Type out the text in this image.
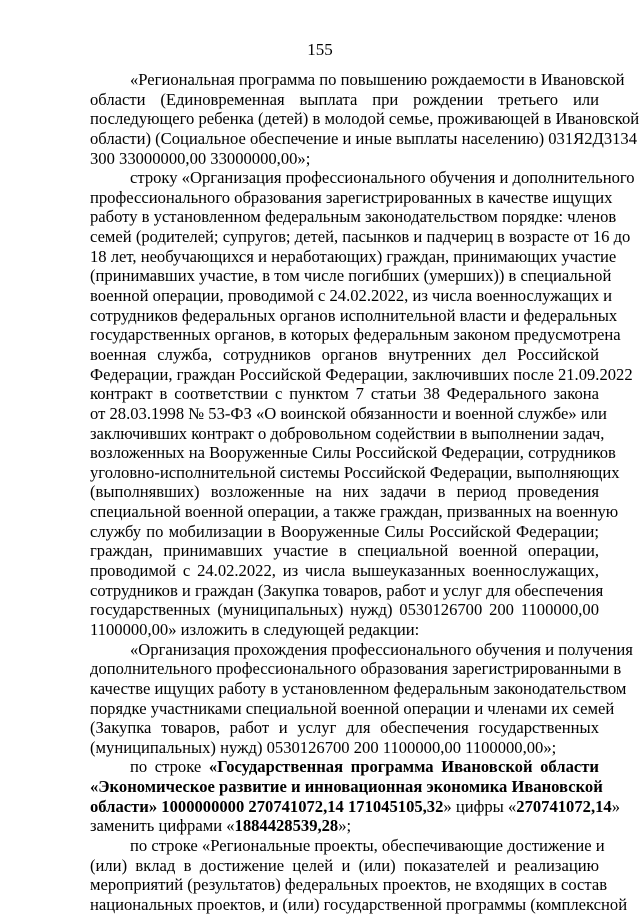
155
«Региональная программа по повышению рождаемости в Ивановской
области (Единовременная выплата при рождении третьего или
последующего ребенка (детей) в молодой семье, проживающей в Ивановской
области) (Социальное обеспечение и иные выплаты населению) 031Я2Д3134
300 33000000,00 33000000,00»;
строку «Организация профессионального обучения и дополнительного
профессионального образования зарегистрированных в качестве ищущих
работу в установленном федеральным законодательством порядке: членов
семей (родителей; супругов; детей, пасынков и падчериц в возрасте от 16 до
18 лет, необучающихся и неработающих) граждан, принимающих участие
(принимавших участие, в том числе погибших (умерших)) в специальной
военной операции, проводимой с 24.02.2022, из числа военнослужащих и
сотрудников федеральных органов исполнительной власти и федеральных
государственных органов, в которых федеральным законом предусмотрена
военная служба, сотрудников органов внутренних дел Российской
Федерации, граждан Российской Федерации, заключивших после 21.09.2022
контракт в соответствии с пунктом 7 статьи 38 Федерального закона
от 28.03.1998 № 53-ФЗ «О воинской обязанности и военной службе» или
заключивших контракт о добровольном содействии в выполнении задач,
возложенных на Вооруженные Силы Российской Федерации, сотрудников
уголовно-исполнительной системы Российской Федерации, выполняющих
(выполнявших) возложенные на них задачи в период проведения
специальной военной операции, а также граждан, призванных на военную
службу по мобилизации в Вооруженные Силы Российской Федерации;
граждан, принимавших участие в специальной военной операции,
проводимой с 24.02.2022, из числа вышеуказанных военнослужащих,
сотрудников и граждан (Закупка товаров, работ и услуг для обеспечения
государственных (муниципальных) нужд) 0530126700 200 1100000,00
1100000,00» изложить в следующей редакции:
«Организация прохождения профессионального обучения и получения
дополнительного профессионального образования зарегистрированными в
качестве ищущих работу в установленном федеральным законодательством
порядке участниками специальной военной операции и членами их семей
(Закупка товаров, работ и услуг для обеспечения государственных
(муниципальных) нужд) 0530126700 200 1100000,00 1100000,00»;
по строке «Государственная программа Ивановской области
«Экономическое развитие и инновационная экономика Ивановской
области» 1000000000 270741072,14 171045105,32» цифры «270741072,14»
заменить цифрами «1884428539,28»;
по строке «Региональные проекты, обеспечивающие достижение и
(или) вклад в достижение целей и (или) показателей и реализацию
мероприятий (результатов) федеральных проектов, не входящих в состав
национальных проектов, и (или) государственной программы (комплексной
